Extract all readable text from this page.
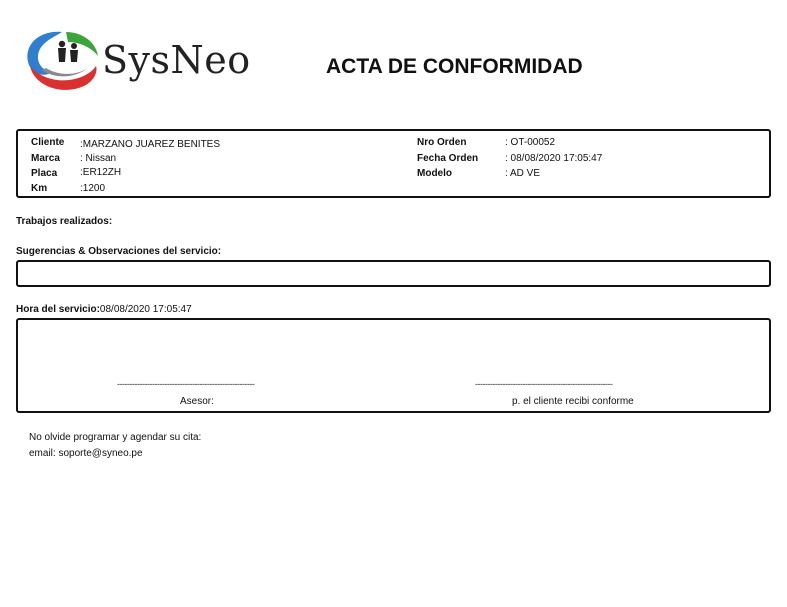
SysNeo	ACTA DE CONFORMIDAD
Cliente :MARZANO JUAREZ BENITES
Marca : Nissan
Placa :ER12ZH
Km	:1200
Nro Orden	: OT-00052
Fecha Orden	: 08/08/2020 17:05:47
Modelo	: AD VE
Trabajos realizados:
Sugerencias & Observaciones del servicio:
Hora del servicio:08/08/2020 17:05:47
-------------------------------------------------------
Asesor:
-------------------------------------------------------
p. el cliente recibi conforme
No olvide programar y agendar su cita:
email: soporte@syneo.pe
